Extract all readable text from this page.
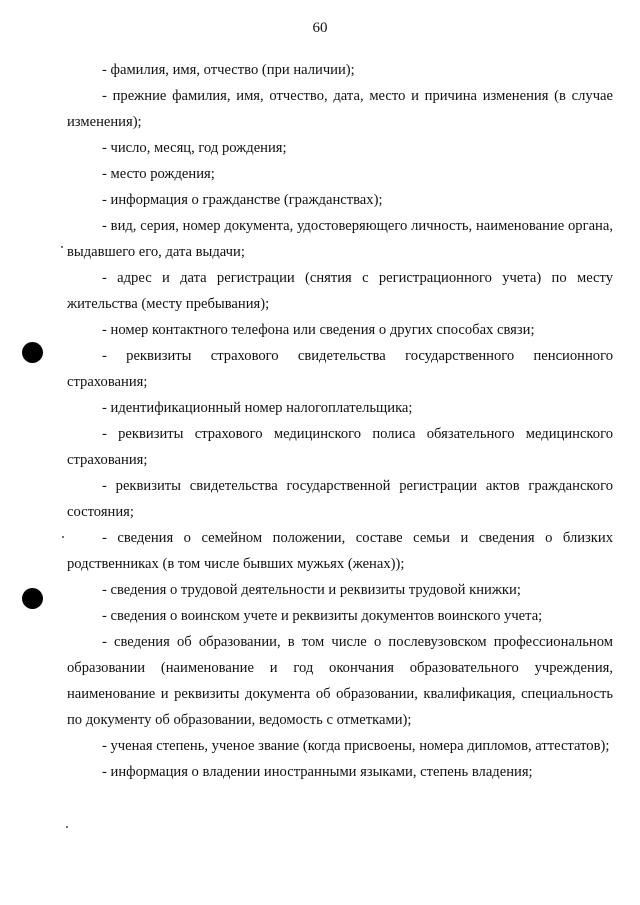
60

- фамилия, имя, отчество (при наличии);

- прежние фамилия, имя, отчество, дата, место и причина изменения (в случае изменения);

- число, месяц, год рождения;

- место рождения;

- информация о гражданстве (гражданствах);

- вид, серия, номер документа, удостоверяющего личность, наименование органа, выдавшего его, дата выдачи;

- адрес и дата регистрации (снятия с регистрационного учета) по месту жительства (месту пребывания);

- номер контактного телефона или сведения о других способах связи;

- реквизиты страхового свидетельства государственного пенсионного страхования;

- идентификационный номер налогоплательщика;

- реквизиты страхового медицинского полиса обязательного медицинского страхования;

- реквизиты свидетельства государственной регистрации актов гражданского состояния;

- сведения о семейном положении, составе семьи и сведения о близких родственниках (в том числе бывших мужьях (женах));

- сведения о трудовой деятельности и реквизиты трудовой книжки;

- сведения о воинском учете и реквизиты документов воинского учета;

- сведения об образовании, в том числе о послевузовском профессиональном образовании (наименование и год окончания образовательного учреждения, наименование и реквизиты документа об образовании, квалификация, специальность по документу об образовании, ведомость с отметками);

- ученая степень, ученое звание (когда присвоены, номера дипломов, аттестатов);

- информация о владении иностранными языками, степень владения;
